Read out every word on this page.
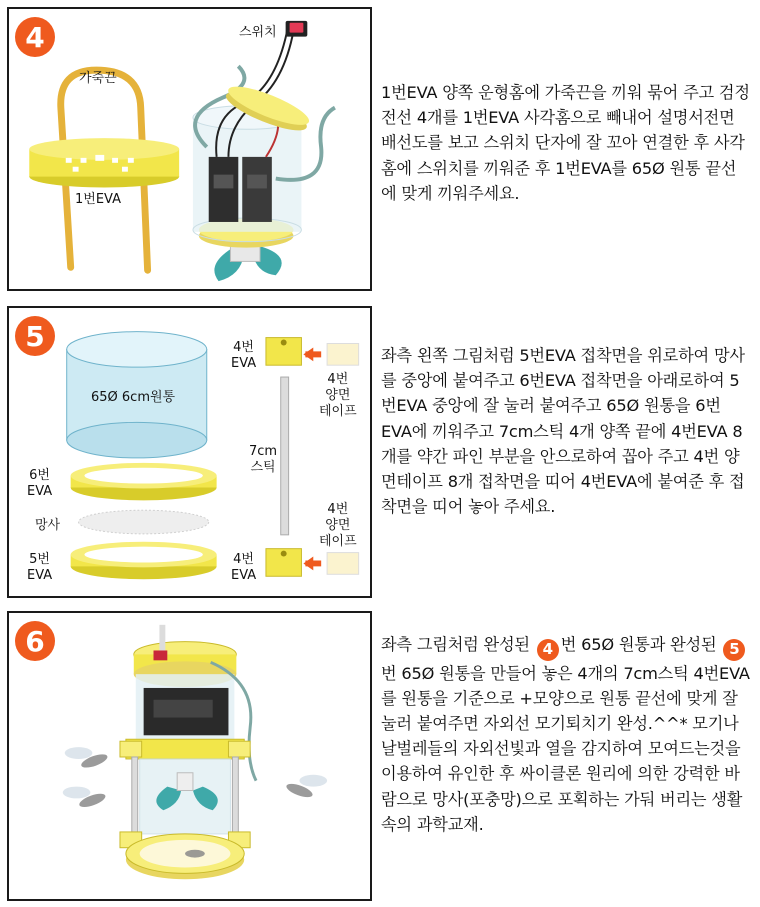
4	스위치
가죽끈
1번EVA

1번EVA 양쪽 운형홈에 가죽끈을 끼워 묶어 주고 검정전선 4개를 1번EVA 사각홈으로 빼내어 설명서전면 배선도를 보고 스위치 단자에 잘 꼬아 연결한 후 사각홈에 스위치를 끼워준 후 1번EVA를 65Ø 원통 끝선에 맞게 끼워주세요.

5
65Ø 6cm원통
6번
EVA
망사
5번
EVA
4번
EVA
4번
양면
테이프
7cm
스틱
4번
양면
테이프
4번
EVA

좌측 왼쪽 그림처럼 5번EVA 접착면을 위로하여 망사를 중앙에 붙여주고 6번EVA 접착면을 아래로하여 5번EVA 중앙에 잘 눌러 붙여주고 65Ø 원통을 6번EVA에 끼워주고 7cm스틱 4개 양쪽 끝에 4번EVA 8개를 약간 파인 부분을 안으로하여 꼽아 주고 4번 양면테이프 8개 접착면을 띠어 4번EVA에 붙여준 후 접착면을 띠어 놓아 주세요.

6	좌측 그림처럼 완성된 4 번 65Ø 원통과 완성된 5번 65Ø 원통을 만들어 놓은 4개의 7cm스틱 4번EVA를 원통을 기준으로 +모양으로 원통 끝선에 맞게 잘 눌러 붙여주면 자외선 모기퇴치기 완성.^^* 모기나 날벌레들의 자외선빛과 열을 감지하여 모여드는것을 이용하여 유인한 후 싸이클론 원리에 의한 강력한 바람으로 망사(포충망)으로 포획하는 가둬 버리는 생활속의 과학교재.
